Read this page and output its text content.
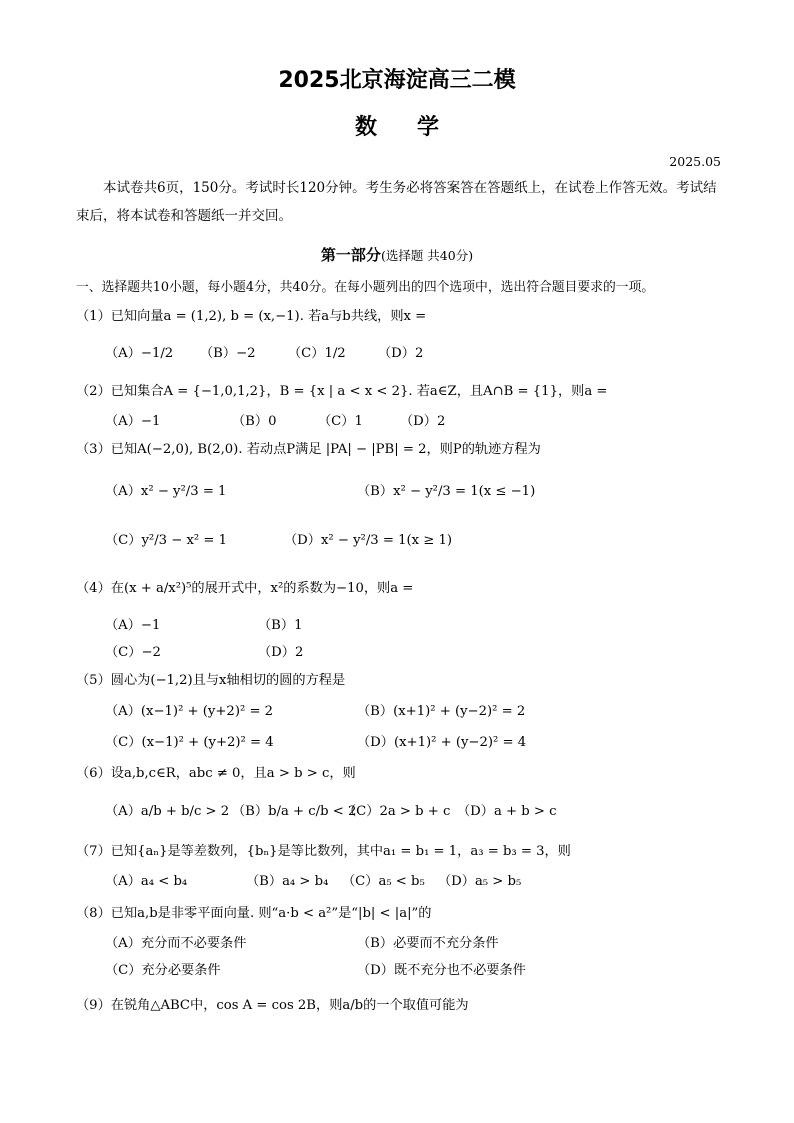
2025北京海淀高三二模
数学
2025.05
本试卷共6页，150分。考试时长120分钟。考生务必将答案答在答题纸上，在试卷上作答无效。考试结束后，将本试卷和答题纸一并交回。
第一部分(选择题 共40分)
一、选择题共10小题，每小题4分，共40分。在每小题列出的四个选项中，选出符合题目要求的一项。
（1）已知向量a = (1,2), b = (x,−1). 若a与b共线，则x =
（A）−1/2 （B）−2 （C）1/2 （D）2
（2）已知集合A = {−1,0,1,2}，B = {x | a < x < 2}. 若a∈Z，且A∩B = {1}，则a =
（A）−1	（B）0	（C）1	（D）2
（3）已知A(−2,0), B(2,0). 若动点P满足 |PA| − |PB| = 2，则P的轨迹方程为
（A）x² − y²/3 = 1	（B）x² − y²/3 = 1(x ≤ −1)
（C）y²/3 − x² = 1	（D）x² − y²/3 = 1(x ≥ 1)
（4）在(x + a/x²)⁵的展开式中，x²的系数为−10，则a =
（A）−1	（B）1
（C）−2	（D）2
（5）圆心为(−1,2)且与x轴相切的圆的方程是
（A）(x−1)² + (y+2)² = 2	（B）(x+1)² + (y−2)² = 2
（C）(x−1)² + (y+2)² = 4	（D）(x+1)² + (y−2)² = 4
（6）设a,b,c∈R，abc ≠ 0，且a > b > c，则
（A）a/b + b/c > 2 （B）b/a + c/b < 2
（C）2a > b + c （D）a + b > c
（7）已知{aₙ}是等差数列，{bₙ}是等比数列，其中a₁ = b₁ = 1，a₃ = b₃ = 3，则
（A）a₄ < b₄	（B）a₄ > b₄ （C）a₅ < b₅ （D）a₅ > b₅
（8）已知a,b是非零平面向量. 则“a·b < a²”是“|b| < |a|”的
（A）充分而不必要条件	（B）必要而不充分条件
（C）充分必要条件	（D）既不充分也不必要条件
（9）在锐角△ABC中，cos A = cos 2B，则a/b的一个取值可能为
